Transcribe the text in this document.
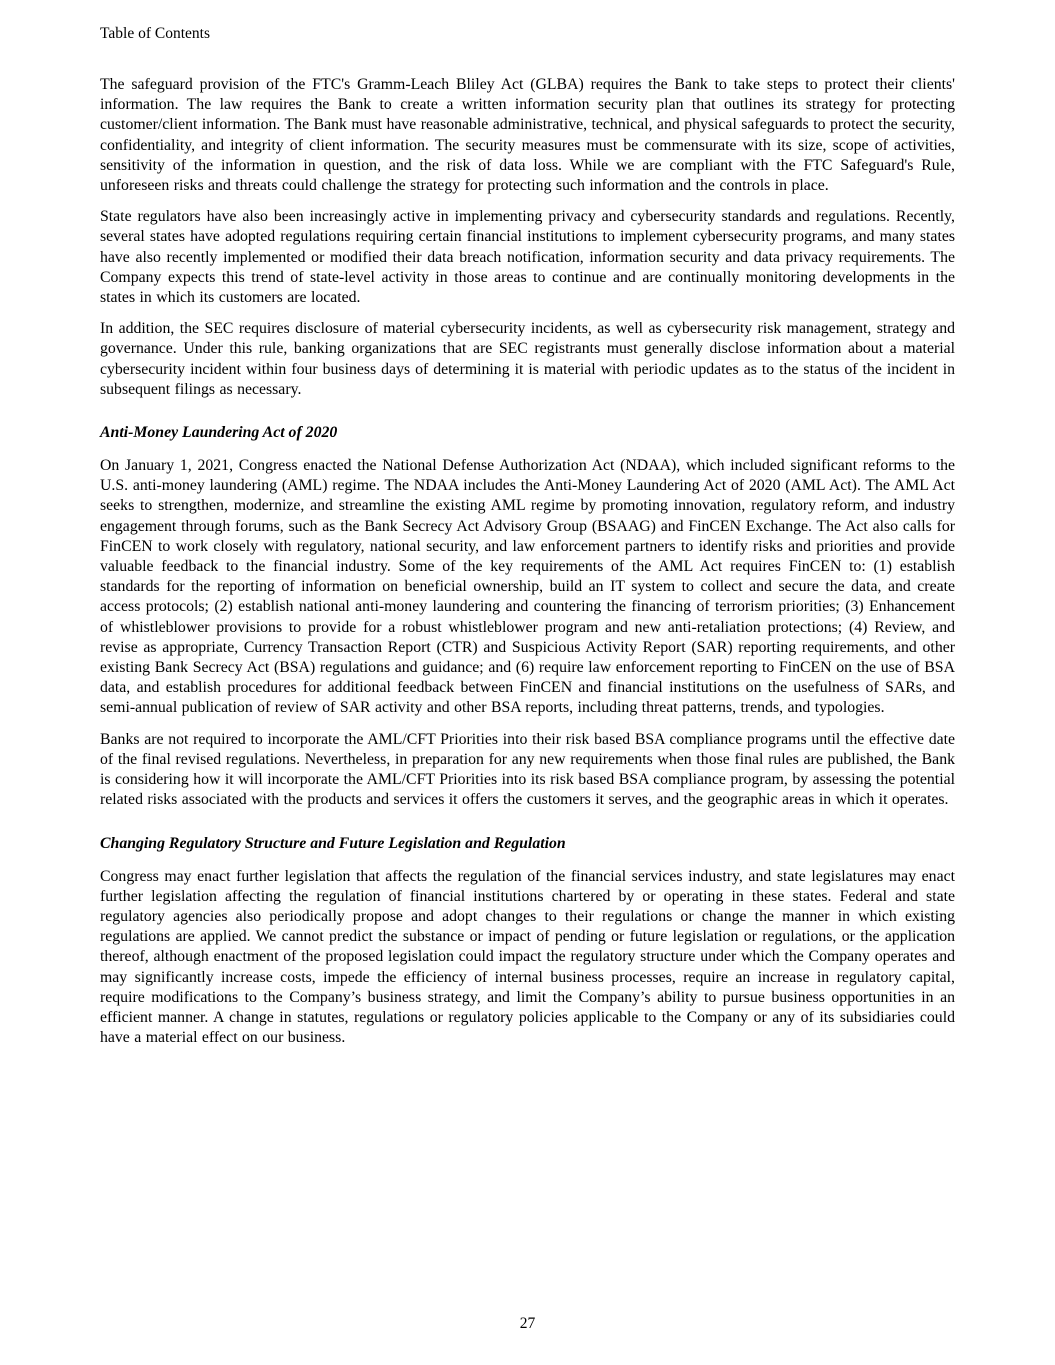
Table of Contents

The safeguard provision of the FTC's Gramm-Leach Bliley Act (GLBA) requires the Bank to take steps to protect their clients' information. The law requires the Bank to create a written information security plan that outlines its strategy for protecting customer/client information. The Bank must have reasonable administrative, technical, and physical safeguards to protect the security, confidentiality, and integrity of client information. The security measures must be commensurate with its size, scope of activities, sensitivity of the information in question, and the risk of data loss. While we are compliant with the FTC Safeguard's Rule, unforeseen risks and threats could challenge the strategy for protecting such information and the controls in place.

State regulators have also been increasingly active in implementing privacy and cybersecurity standards and regulations. Recently, several states have adopted regulations requiring certain financial institutions to implement cybersecurity programs, and many states have also recently implemented or modified their data breach notification, information security and data privacy requirements. The Company expects this trend of state-level activity in those areas to continue and are continually monitoring developments in the states in which its customers are located.

In addition, the SEC requires disclosure of material cybersecurity incidents, as well as cybersecurity risk management, strategy and governance. Under this rule, banking organizations that are SEC registrants must generally disclose information about a material cybersecurity incident within four business days of determining it is material with periodic updates as to the status of the incident in subsequent filings as necessary.

Anti-Money Laundering Act of 2020

On January 1, 2021, Congress enacted the National Defense Authorization Act (NDAA), which included significant reforms to the U.S. anti-money laundering (AML) regime. The NDAA includes the Anti-Money Laundering Act of 2020 (AML Act). The AML Act seeks to strengthen, modernize, and streamline the existing AML regime by promoting innovation, regulatory reform, and industry engagement through forums, such as the Bank Secrecy Act Advisory Group (BSAAG) and FinCEN Exchange. The Act also calls for FinCEN to work closely with regulatory, national security, and law enforcement partners to identify risks and priorities and provide valuable feedback to the financial industry. Some of the key requirements of the AML Act requires FinCEN to: (1) establish standards for the reporting of information on beneficial ownership, build an IT system to collect and secure the data, and create access protocols; (2) establish national anti-money laundering and countering the financing of terrorism priorities; (3) Enhancement of whistleblower provisions to provide for a robust whistleblower program and new anti-retaliation protections; (4) Review, and revise as appropriate, Currency Transaction Report (CTR) and Suspicious Activity Report (SAR) reporting requirements, and other existing Bank Secrecy Act (BSA) regulations and guidance; and (6) require law enforcement reporting to FinCEN on the use of BSA data, and establish procedures for additional feedback between FinCEN and financial institutions on the usefulness of SARs, and semi-annual publication of review of SAR activity and other BSA reports, including threat patterns, trends, and typologies.

Banks are not required to incorporate the AML/CFT Priorities into their risk based BSA compliance programs until the effective date of the final revised regulations. Nevertheless, in preparation for any new requirements when those final rules are published, the Bank is considering how it will incorporate the AML/CFT Priorities into its risk based BSA compliance program, by assessing the potential related risks associated with the products and services it offers the customers it serves, and the geographic areas in which it operates.

Changing Regulatory Structure and Future Legislation and Regulation

Congress may enact further legislation that affects the regulation of the financial services industry, and state legislatures may enact further legislation affecting the regulation of financial institutions chartered by or operating in these states. Federal and state regulatory agencies also periodically propose and adopt changes to their regulations or change the manner in which existing regulations are applied. We cannot predict the substance or impact of pending or future legislation or regulations, or the application thereof, although enactment of the proposed legislation could impact the regulatory structure under which the Company operates and may significantly increase costs, impede the efficiency of internal business processes, require an increase in regulatory capital, require modifications to the Company’s business strategy, and limit the Company’s ability to pursue business opportunities in an efficient manner. A change in statutes, regulations or regulatory policies applicable to the Company or any of its subsidiaries could have a material effect on our business.

27
